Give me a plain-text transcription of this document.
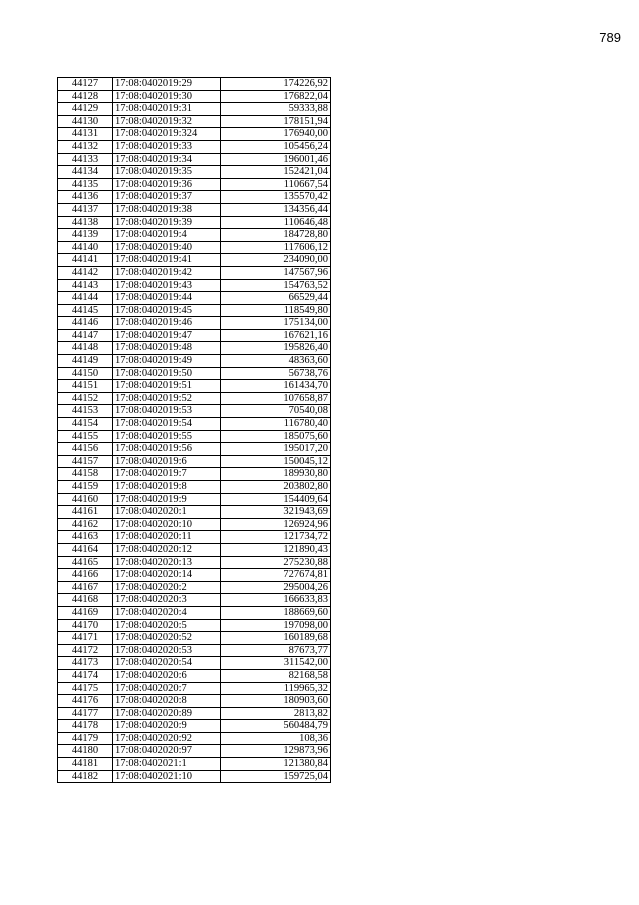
789
44127	17:08:0402019:29	174226,92
44128	17:08:0402019:30	176822,04
44129	17:08:0402019:31	59333,88
44130	17:08:0402019:32	178151,94
44131	17:08:0402019:324	176940,00
44132	17:08:0402019:33	105456,24
44133	17:08:0402019:34	196001,46
44134	17:08:0402019:35	152421,04
44135	17:08:0402019:36	110667,54
44136	17:08:0402019:37	135570,42
44137	17:08:0402019:38	134356,44
44138	17:08:0402019:39	110646,48
44139	17:08:0402019:4	184728,80
44140	17:08:0402019:40	117606,12
44141	17:08:0402019:41	234090,00
44142	17:08:0402019:42	147567,96
44143	17:08:0402019:43	154763,52
44144	17:08:0402019:44	66529,44
44145	17:08:0402019:45	118549,80
44146	17:08:0402019:46	175134,00
44147	17:08:0402019:47	167621,16
44148	17:08:0402019:48	195826,40
44149	17:08:0402019:49	48363,60
44150	17:08:0402019:50	56738,76
44151	17:08:0402019:51	161434,70
44152	17:08:0402019:52	107658,87
44153	17:08:0402019:53	70540,08
44154	17:08:0402019:54	116780,40
44155	17:08:0402019:55	185075,60
44156	17:08:0402019:56	195017,20
44157	17:08:0402019:6	150045,12
44158	17:08:0402019:7	189930,80
44159	17:08:0402019:8	203802,80
44160	17:08:0402019:9	154409,64
44161	17:08:0402020:1	321943,69
44162	17:08:0402020:10	126924,96
44163	17:08:0402020:11	121734,72
44164	17:08:0402020:12	121890,43
44165	17:08:0402020:13	275230,88
44166	17:08:0402020:14	727674,81
44167	17:08:0402020:2	295004,26
44168	17:08:0402020:3	166633,83
44169	17:08:0402020:4	188669,60
44170	17:08:0402020:5	197098,00
44171	17:08:0402020:52	160189,68
44172	17:08:0402020:53	87673,77
44173	17:08:0402020:54	311542,00
44174	17:08:0402020:6	82168,58
44175	17:08:0402020:7	119965,32
44176	17:08:0402020:8	180903,60
44177	17:08:0402020:89	2813,82
44178	17:08:0402020:9	560484,79
44179	17:08:0402020:92	108,36
44180	17:08:0402020:97	129873,96
44181	17:08:0402021:1	121380,84
44182	17:08:0402021:10	159725,04
